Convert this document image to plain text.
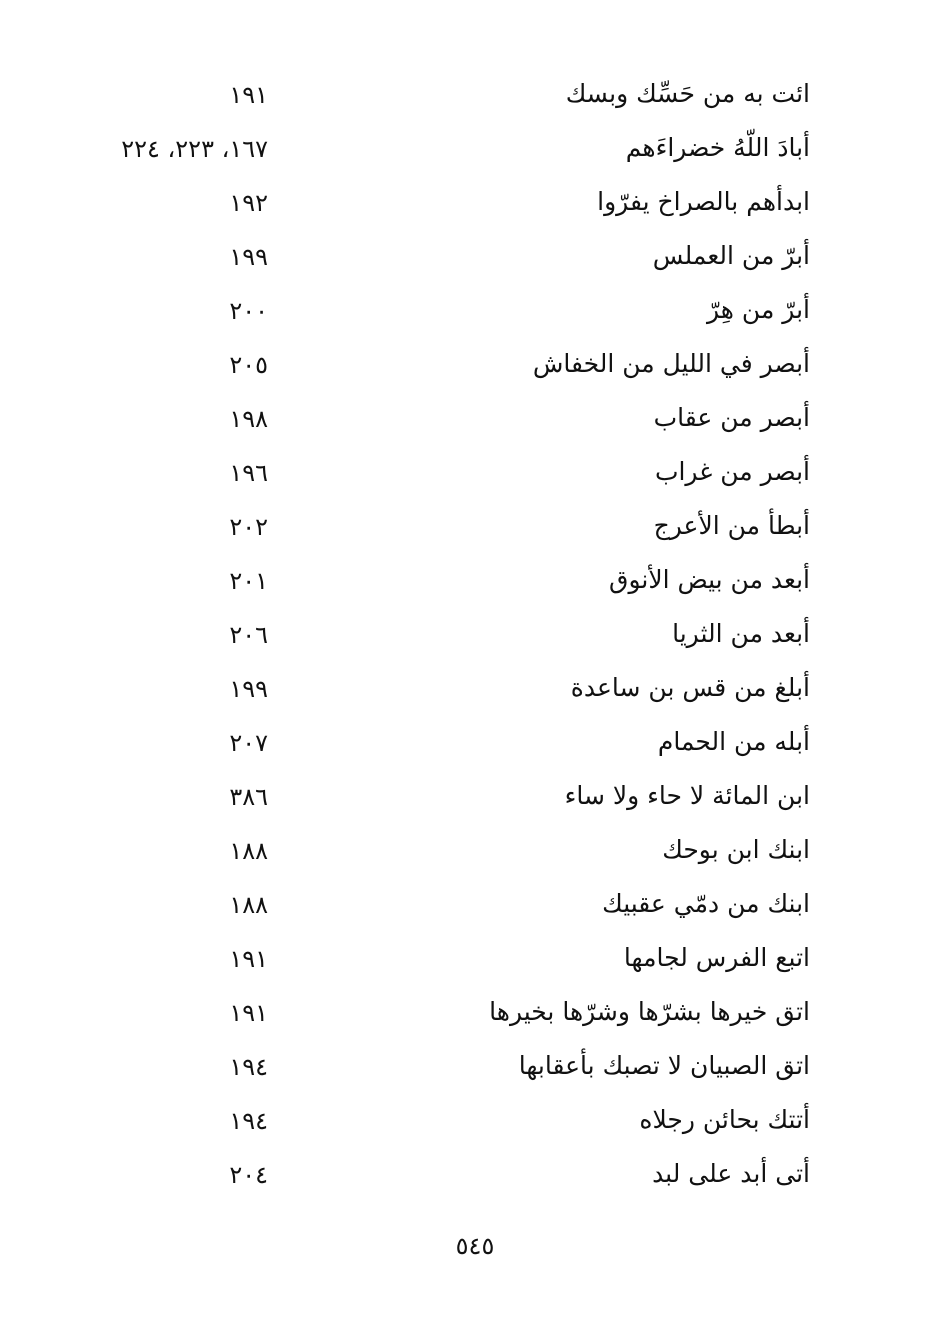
ائت به من حَسِّك وبسك
١٩١
أبادَ اللّهُ خضراءَهم
١٦٧، ٢٢٣، ٢٢٤
ابدأهم بالصراخ يفرّوا
١٩٢
أبرّ من العملس
١٩٩
أبرّ من هِرّ
٢٠٠
أبصر في الليل من الخفاش
٢٠٥
أبصر من عقاب
١٩٨
أبصر من غراب
١٩٦
أبطأ من الأعرج
٢٠٢
أبعد من بيض الأنوق
٢٠١
أبعد من الثريا
٢٠٦
أبلغ من قس بن ساعدة
١٩٩
أبله من الحمام
٢٠٧
ابن المائة لا حاء ولا ساء
٣٨٦
ابنك ابن بوحك
١٨٨
ابنك من دمّي عقبيك
١٨٨
اتبع الفرس لجامها
١٩١
اتق خيرها بشرّها وشرّها بخيرها
١٩١
اتق الصبيان لا تصبك بأعقابها
١٩٤
أتتك بحائن رجلاه
١٩٤
أتى أبد على لبد
٢٠٤
٥٤٥
